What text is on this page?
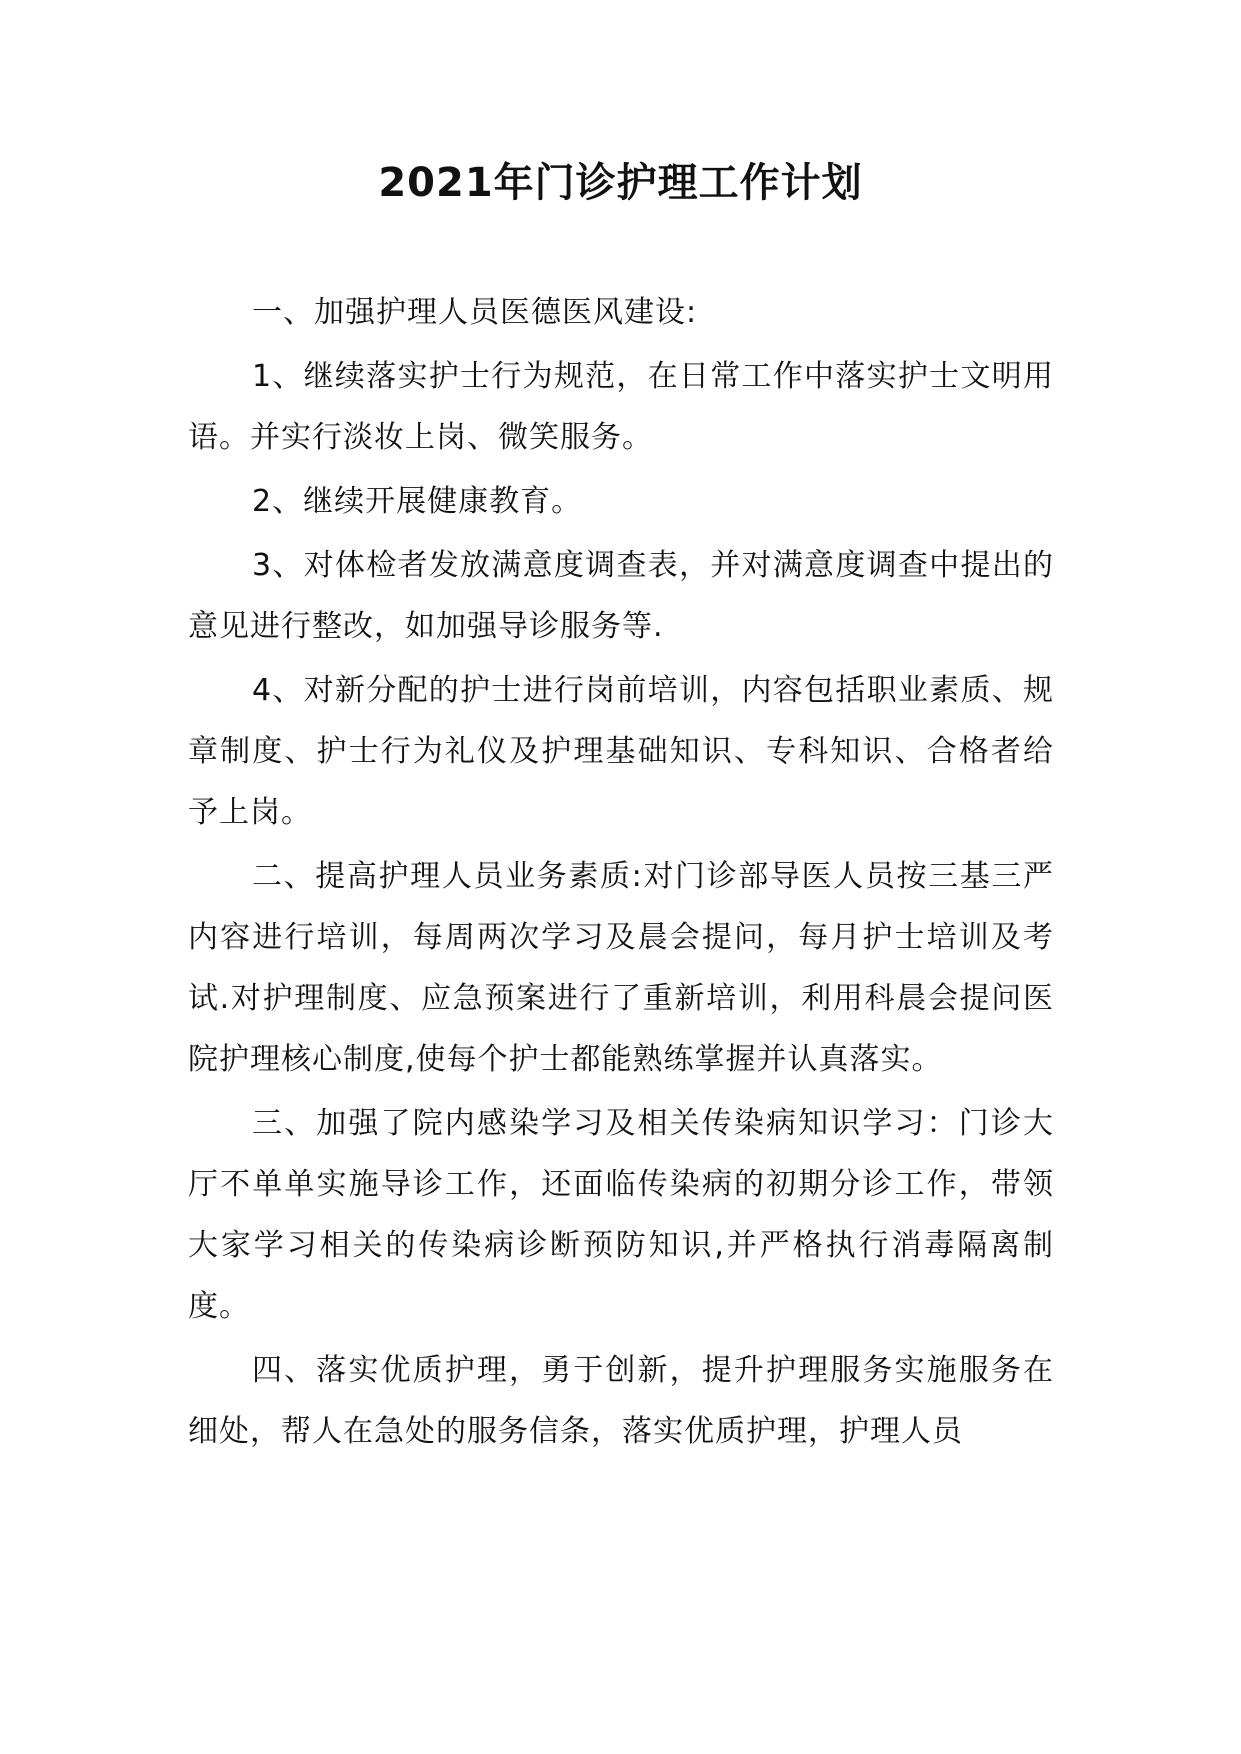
2021年门诊护理工作计划

一、加强护理人员医德医风建设:

1、继续落实护士行为规范，在日常工作中落实护士文明用语。并实行淡妆上岗、微笑服务。

2、继续开展健康教育。

3、对体检者发放满意度调查表，并对满意度调查中提出的意见进行整改，如加强导诊服务等.

4、对新分配的护士进行岗前培训，内容包括职业素质、规章制度、护士行为礼仪及护理基础知识、专科知识、合格者给予上岗。

二、提高护理人员业务素质:对门诊部导医人员按三基三严内容进行培训，每周两次学习及晨会提问，每月护士培训及考试.对护理制度、应急预案进行了重新培训，利用科晨会提问医院护理核心制度,使每个护士都能熟练掌握并认真落实。

三、加强了院内感染学习及相关传染病知识学习：门诊大厅不单单实施导诊工作，还面临传染病的初期分诊工作，带领大家学习相关的传染病诊断预防知识,并严格执行消毒隔离制度。

四、落实优质护理，勇于创新，提升护理服务实施服务在细处，帮人在急处的服务信条，落实优质护理，护理人员
